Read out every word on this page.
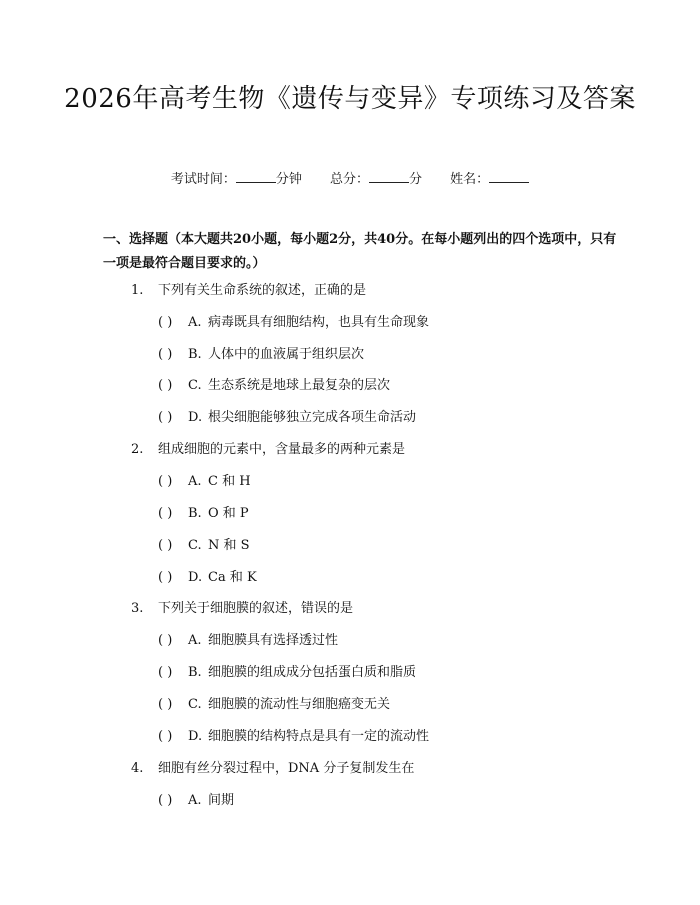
2026年高考生物《遗传与变异》专项练习及答案
考试时间：	分钟 总分：	分 姓名：
一、选择题（本大题共20小题，每小题2分，共40分。在每小题列出的四个选项中，只有一项是最符合题目要求的。）
1. 下列有关生命系统的叙述，正确的是
( ) A. 病毒既具有细胞结构，也具有生命现象
( ) B. 人体中的血液属于组织层次
( ) C. 生态系统是地球上最复杂的层次
( ) D. 根尖细胞能够独立完成各项生命活动
2. 组成细胞的元素中，含量最多的两种元素是
( ) A. C 和 H
( ) B. O 和 P
( ) C. N 和 S
( ) D. Ca 和 K
3. 下列关于细胞膜的叙述，错误的是
( ) A. 细胞膜具有选择透过性
( ) B. 细胞膜的组成成分包括蛋白质和脂质
( ) C. 细胞膜的流动性与细胞癌变无关
( ) D. 细胞膜的结构特点是具有一定的流动性
4. 细胞有丝分裂过程中，DNA 分子复制发生在
( ) A. 间期
